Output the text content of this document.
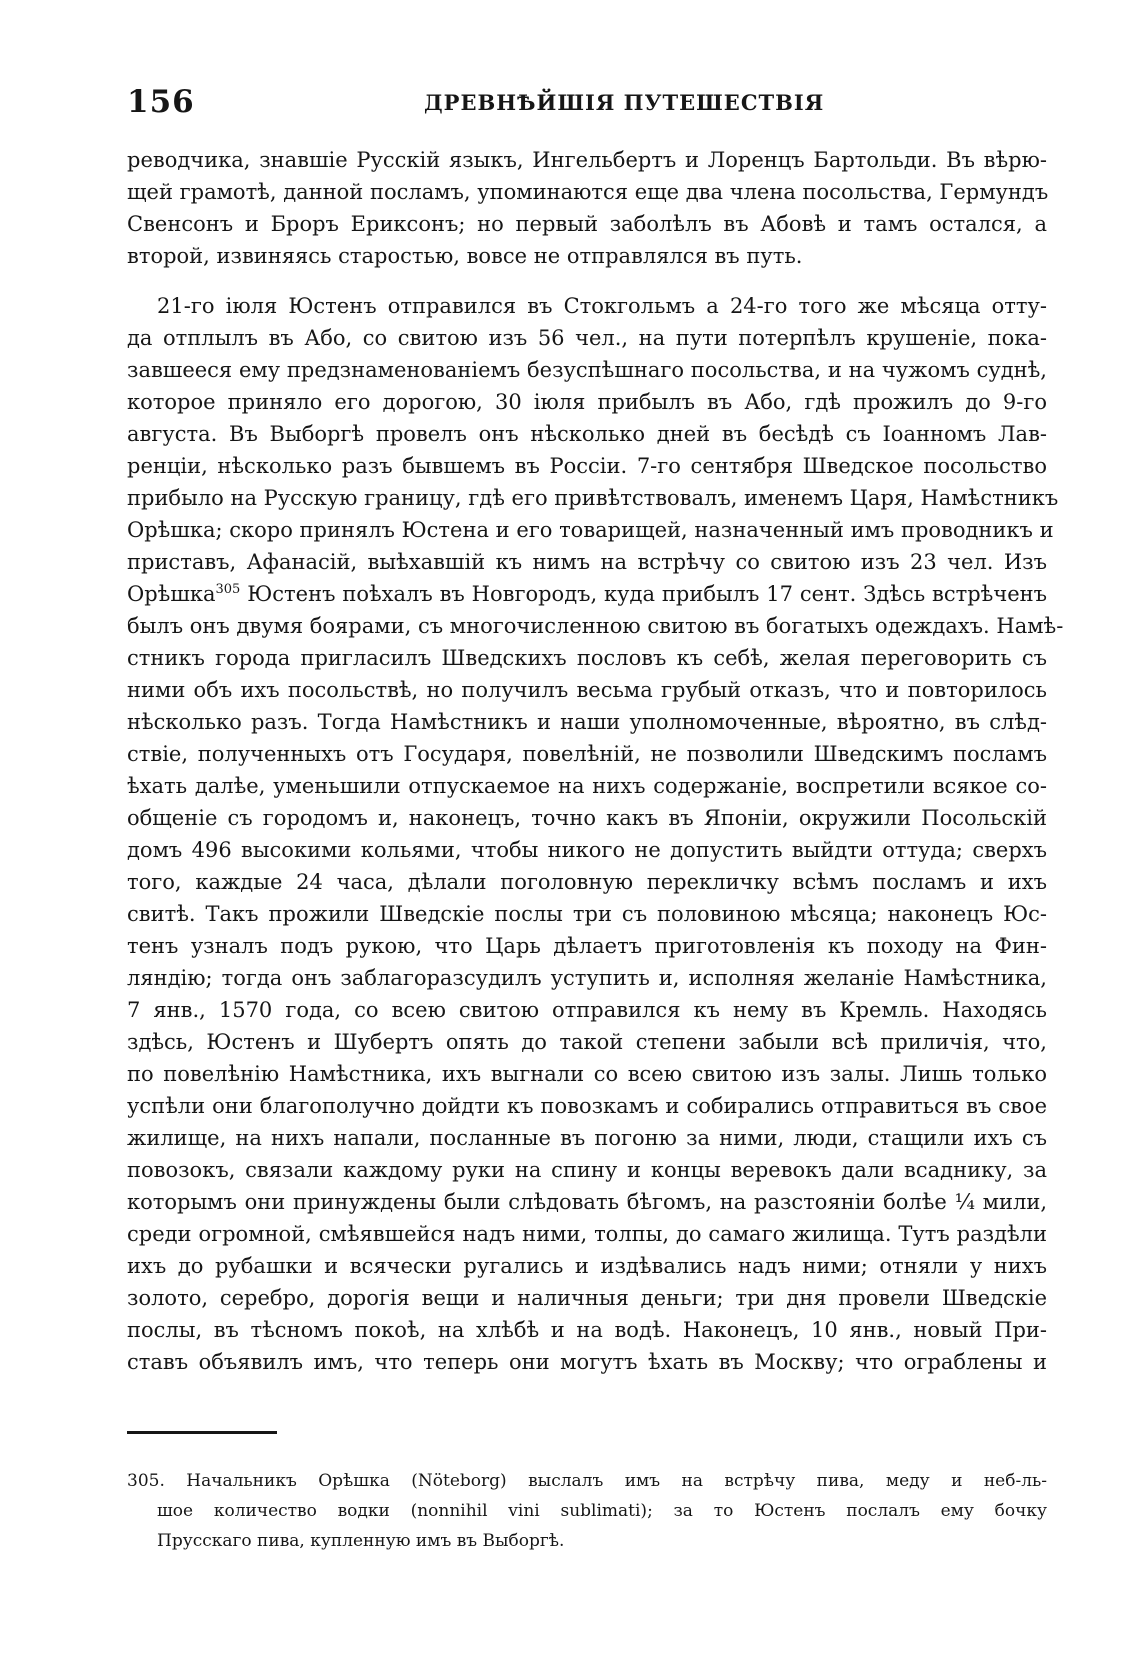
156	ДРЕВНѢЙШІЯ ПУТЕШЕСТВІЯ
реводчика, знавшіе Русскій языкъ, Ингельбертъ и Лоренцъ Бартольди. Въ вѣрю-
щей грамотѣ, данной посламъ, упоминаются еще два члена посольства, Гермундъ
Свенсонъ и Броръ Ериксонъ; но первый заболѣлъ въ Абовѣ и тамъ остался, а
второй, извиняясь старостью, вовсе не отправлялся въ путь.
21-го іюля Юстенъ отправился въ Стокгольмъ а 24-го того же мѣсяца отту-
да отплылъ въ Або, со свитою изъ 56 чел., на пути потерпѣлъ крушеніе, пока-
завшееся ему предзнаменованіемъ безуспѣшнаго посольства, и на чужомъ суднѣ,
которое приняло его дорогою, 30 іюля прибылъ въ Або, гдѣ прожилъ до 9-го
августа. Въ Выборгѣ провелъ онъ нѣсколько дней въ бесѣдѣ съ Іоанномъ Лав-
ренціи, нѣсколько разъ бывшемъ въ Россіи. 7-го сентября Шведское посольство
прибыло на Русскую границу, гдѣ его привѣтствовалъ, именемъ Царя, Намѣстникъ
Орѣшка; скоро принялъ Юстена и его товарищей, назначенный имъ проводникъ и
приставъ, Афанасій, выѣхавшій къ нимъ на встрѣчу со свитою изъ 23 чел. Изъ
Орѣшка$^{305}$ Юстенъ поѣхалъ въ Новгородъ, куда прибылъ 17 сент. Здѣсь встрѣченъ
былъ онъ двумя боярами, съ многочисленною свитою въ богатыхъ одеждахъ. Намѣ-
стникъ города пригласилъ Шведскихъ пословъ къ себѣ, желая переговорить съ
ними объ ихъ посольствѣ, но получилъ весьма грубый отказъ, что и повторилось
нѣсколько разъ. Тогда Намѣстникъ и наши уполномоченные, вѣроятно, въ слѣд-
ствіе, полученныхъ отъ Государя, повелѣній, не позволили Шведскимъ посламъ
ѣхать далѣе, уменьшили отпускаемое на нихъ содержаніе, воспретили всякое со-
общеніе съ городомъ и, наконецъ, точно какъ въ Японіи, окружили Посольскій
домъ 496 высокими кольями, чтобы никого не допустить выйдти оттуда; сверхъ
того, каждые 24 часа, дѣлали поголовную перекличку всѣмъ посламъ и ихъ
свитѣ. Такъ прожили Шведскіе послы три съ половиною мѣсяца; наконецъ Юс-
тенъ узналъ подъ рукою, что Царь дѣлаетъ приготовленія къ походу на Фин-
ляндію; тогда онъ заблагоразсудилъ уступить и, исполняя желаніе Намѣстника,
7 янв., 1570 года, со всею свитою отправился къ нему въ Кремль. Находясь
здѣсь, Юстенъ и Шубертъ опять до такой степени забыли всѣ приличія, что,
по повелѣнію Намѣстника, ихъ выгнали со всею свитою изъ залы. Лишь только
успѣли они благополучно дойдти къ повозкамъ и собирались отправиться въ свое
жилище, на нихъ напали, посланные въ погоню за ними, люди, стащили ихъ съ
повозокъ, связали каждому руки на спину и концы веревокъ дали всаднику, за
которымъ они принуждены были слѣдовать бѣгомъ, на разстояніи болѣе ¼ мили,
среди огромной, смѣявшейся надъ ними, толпы, до самаго жилища. Тутъ раздѣли
ихъ до рубашки и всячески ругались и издѣвались надъ ними; отняли у нихъ
золото, серебро, дорогія вещи и наличныя деньги; три дня провели Шведскіе
послы, въ тѣсномъ покоѣ, на хлѣбѣ и на водѣ. Наконецъ, 10 янв., новый При-
ставъ объявилъ имъ, что теперь они могутъ ѣхать въ Москву; что ограблены и
305. Начальникъ Орѣшка (Nöteborg) выслалъ имъ на встрѣчу пива, меду и неб-ль-
шое количество водки (nonnihil vini sublimati); за то Юстенъ послалъ ему бочку
Прусскаго пива, купленную имъ въ Выборгѣ.
